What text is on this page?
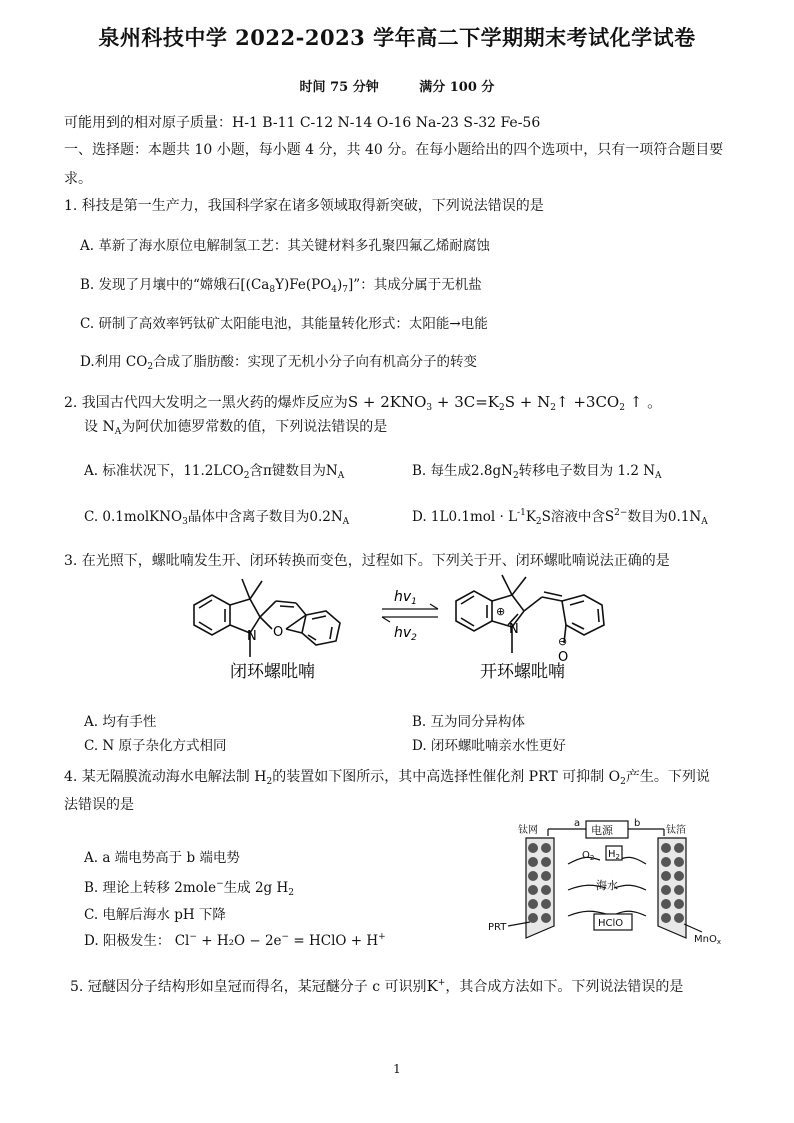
泉州科技中学 2022-2023 学年高二下学期期末考试化学试卷
时间 75 分钟	满分 100 分
可能用到的相对原子质量：H-1 B-11 C-12 N-14 O-16 Na-23 S-32 Fe-56
一、选择题：本题共 10 小题，每小题 4 分，共 40 分。在每小题给出的四个选项中，只有一项符合题目要
求。
1. 科技是第一生产力，我国科学家在诸多领域取得新突破，下列说法错误的是
A. 革新了海水原位电解制氢工艺：其关键材料多孔聚四氟乙烯耐腐蚀
B. 发现了月壤中的“嫦娥石$[(Ca_8Y)Fe(PO_4)_7]$”：其成分属于无机盐
C. 研制了高效率钙钛矿太阳能电池，其能量转化形式：太阳能→电能
D.利用 $CO_2$合成了脂肪酸：实现了无机小分子向有机高分子的转变
2. 我国古代四大发明之一黑火药的爆炸反应为$S + 2KNO_3 + 3C=K_2S$ + $N_2↑ +3CO_2$ ↑ 。
设 $N_A$为阿伏加德罗常数的值，下列说法错误的是
A. 标准状况下，$11.2LCO_2$含π键数目为$N_A$	B. 每生成$2.8gN_2$转移电子数目为 1.2 $N_A$
C. 0.1molKNO$_3$晶体中含离子数目为$0.2N_A$	D. $1L0.1mol \cdot L^{-1}K_2S$溶液中含$S^{2-}$数目为$0.1N_A$
3. 在光照下，螺吡喃发生开、闭环转换而变色，过程如下。下列关于开、闭环螺吡喃说法正确的是
N O
$hv_1$
$hv_2$
N
⊕
O
⊖
闭环螺吡喃	开环螺吡喃
A. 均有手性	B. 互为同分异构体
C. N 原子杂化方式相同	D. 闭环螺吡喃亲水性更好
4. 某无隔膜流动海水电解法制 $H_2$的装置如下图所示，其中高选择性催化剂 PRT 可抑制 $O_2$产生。下列说
法错误的是
A. a 端电势高于 b 端电势
B. 理论上转移 2mole−生成 2g $H_2$
C. 电解后海水 pH 下降
D. 阳极发生： Cl− + H₂O − 2e− = HClO + H+
a	b
电源
钛网	钛箔
$O_2$ $H_2$
海水
HClO
PRT
MnO$_x$
5. 冠醚因分子结构形如皇冠而得名，某冠醚分子 c 可识别K+，其合成方法如下。下列说法错误的是
1
